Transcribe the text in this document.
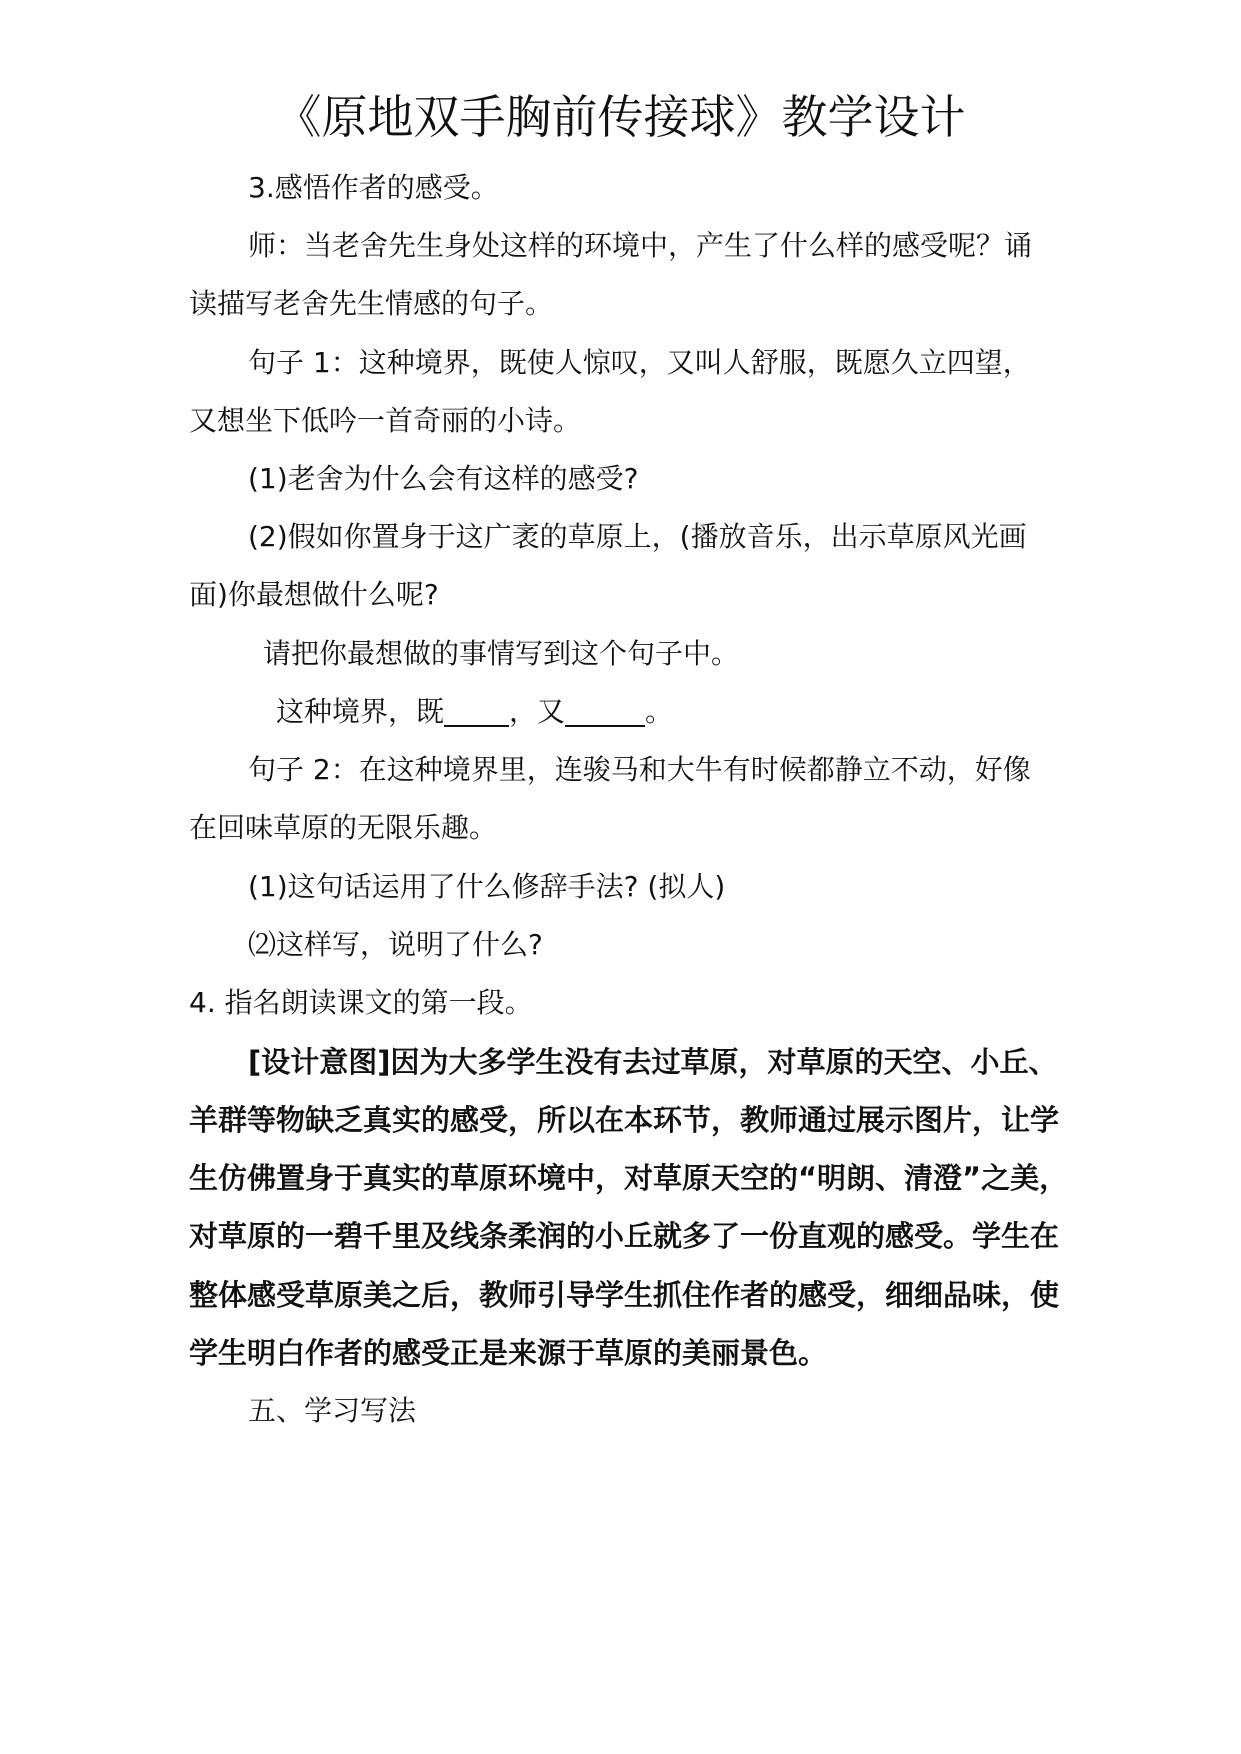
《原地双手胸前传接球》教学设计
3.感悟作者的感受。
师：当老舍先生身处这样的环境中，产生了什么样的感受呢？诵
读描写老舍先生情感的句子。
句子 1：这种境界，既使人惊叹，又叫人舒服，既愿久立四望，
又想坐下低吟一首奇丽的小诗。
(1)老舍为什么会有这样的感受?
(2)假如你置身于这广袤的草原上，(播放音乐，出示草原风光画
面)你最想做什么呢?
请把你最想做的事情写到这个句子中。
这种境界，既 ，又	。
句子 2：在这种境界里，连骏马和大牛有时候都静立不动，好像
在回味草原的无限乐趣。
(1)这句话运用了什么修辞手法? (拟人)
⑵这样写，说明了什么?
4. 指名朗读课文的第一段。
[设计意图]因为大多学生没有去过草原，对草原的天空、小丘、
羊群等物缺乏真实的感受，所以在本环节，教师通过展示图片，让学
生仿佛置身于真实的草原环境中，对草原天空的“明朗、清澄”之美，
对草原的一碧千里及线条柔润的小丘就多了一份直观的感受。学生在
整体感受草原美之后，教师引导学生抓住作者的感受，细细品味，使
学生明白作者的感受正是来源于草原的美丽景色。
五、学习写法
